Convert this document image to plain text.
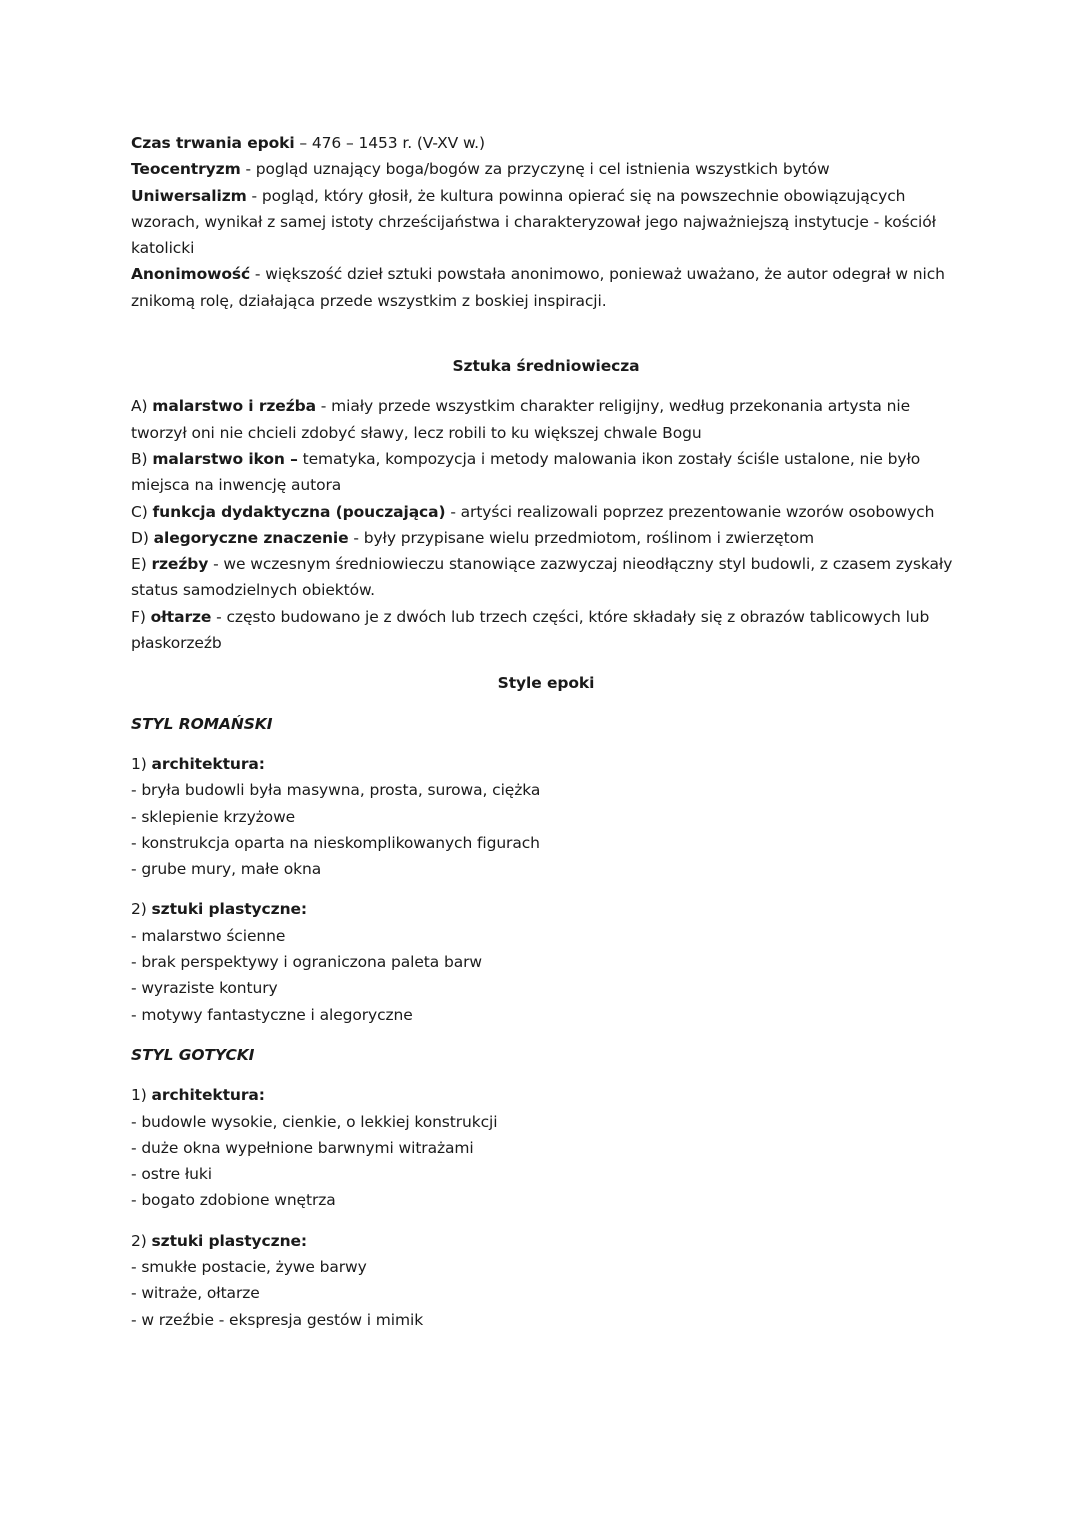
Czas trwania epoki – 476 – 1453 r. (V-XV w.)

Teocentryzm - pogląd uznający boga/bogów za przyczynę i cel istnienia wszystkich bytów

Uniwersalizm - pogląd, który głosił, że kultura powinna opierać się na powszechnie obowiązujących wzorach, wynikał z samej istoty chrześcijaństwa i charakteryzował jego najważniejszą instytucje - kościół katolicki

Anonimowość - większość dzieł sztuki powstała anonimowo, ponieważ uważano, że autor odegrał w nich znikomą rolę, działająca przede wszystkim z boskiej inspiracji.

Sztuka średniowiecza

A) malarstwo i rzeźba - miały przede wszystkim charakter religijny, według przekonania artysta nie tworzył oni nie chcieli zdobyć sławy, lecz robili to ku większej chwale Bogu

B) malarstwo ikon – tematyka, kompozycja i metody malowania ikon zostały ściśle ustalone, nie było miejsca na inwencję autora

C) funkcja dydaktyczna (pouczająca) - artyści realizowali poprzez prezentowanie wzorów osobowych

D) alegoryczne znaczenie - były przypisane wielu przedmiotom, roślinom i zwierzętom

E) rzeźby - we wczesnym średniowieczu stanowiące zazwyczaj nieodłączny styl budowli, z czasem zyskały status samodzielnych obiektów.

F) ołtarze - często budowano je z dwóch lub trzech części, które składały się z obrazów tablicowych lub płaskorzeźb

Style epoki

STYL ROMAŃSKI

1) architektura:

- bryła budowli była masywna, prosta, surowa, ciężka

- sklepienie krzyżowe

- konstrukcja oparta na nieskomplikowanych figurach

- grube mury, małe okna

2) sztuki plastyczne:

- malarstwo ścienne

- brak perspektywy i ograniczona paleta barw

- wyraziste kontury

- motywy fantastyczne i alegoryczne

STYL GOTYCKI

1) architektura:

- budowle wysokie, cienkie, o lekkiej konstrukcji

- duże okna wypełnione barwnymi witrażami

- ostre łuki

- bogato zdobione wnętrza

2) sztuki plastyczne:

- smukłe postacie, żywe barwy

- witraże, ołtarze

- w rzeźbie - ekspresja gestów i mimik
